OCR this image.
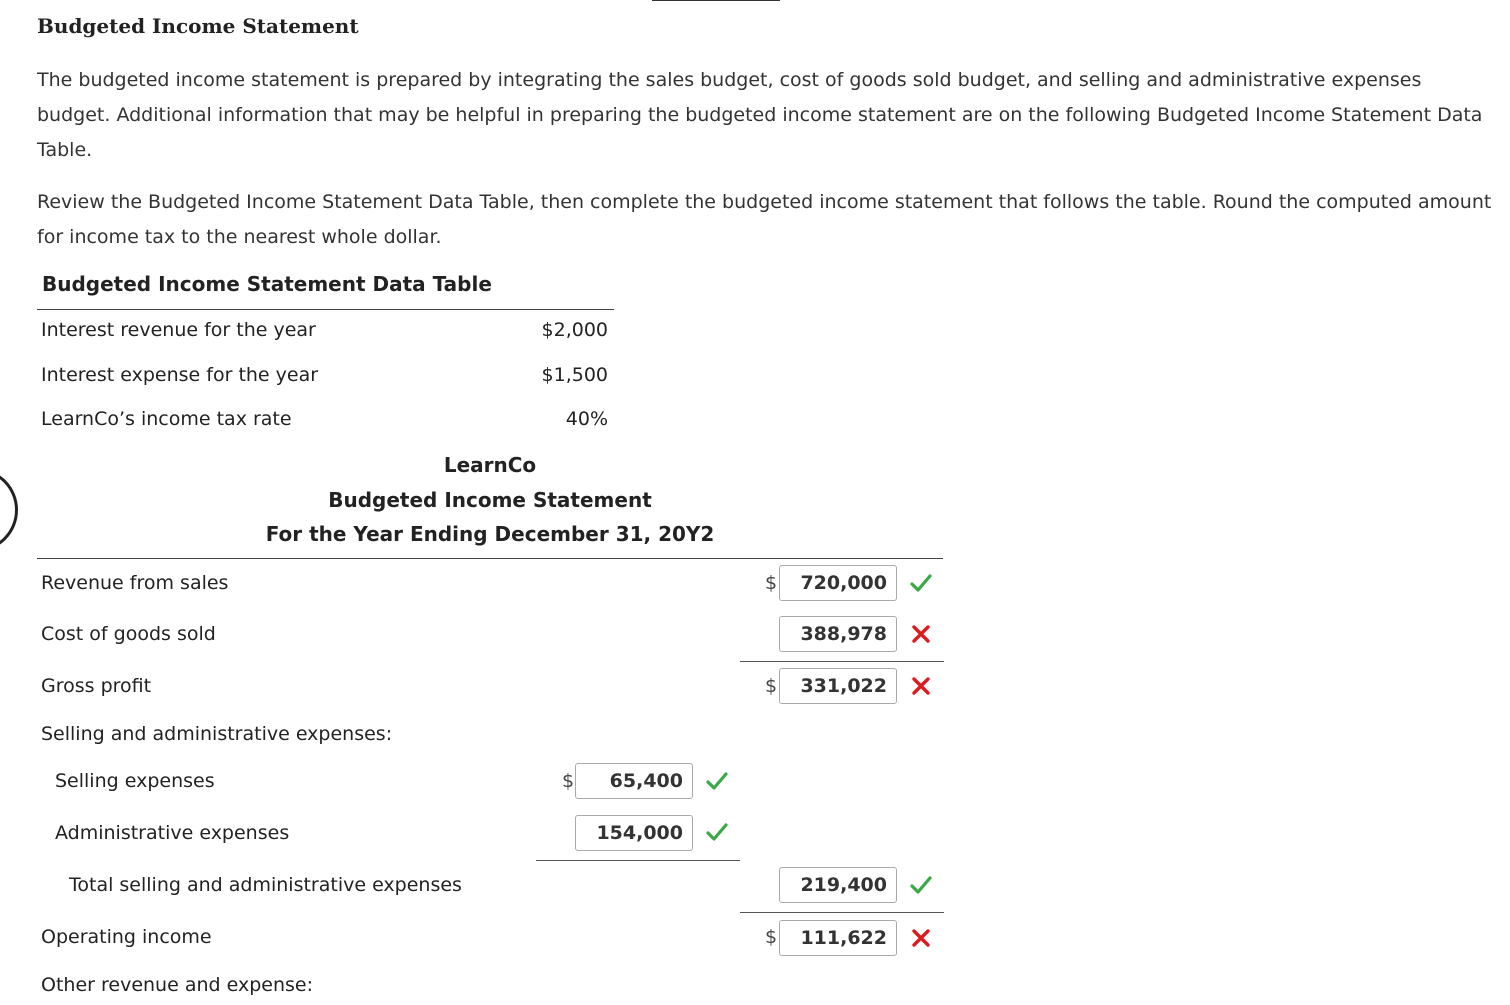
Budgeted Income Statement
The budgeted income statement is prepared by integrating the sales budget, cost of goods sold budget, and selling and administrative expenses budget. Additional information that may be helpful in preparing the budgeted income statement are on the following Budgeted Income Statement Data Table.
Review the Budgeted Income Statement Data Table, then complete the budgeted income statement that follows the table. Round the computed amount for income tax to the nearest whole dollar.
Budgeted Income Statement Data Table
Interest revenue for the year	$2,000
Interest expense for the year	$1,500
LearnCo’s income tax rate	40%
LearnCo
Budgeted Income Statement
For the Year Ending December 31, 20Y2
Revenue from sales	$	720,000
Cost of goods sold	388,978
Gross profit	$	331,022
Selling and administrative expenses:
Selling expenses	$	65,400
Administrative expenses	154,000
Total selling and administrative expenses	219,400
Operating income	$	111,622
Other revenue and expense:
